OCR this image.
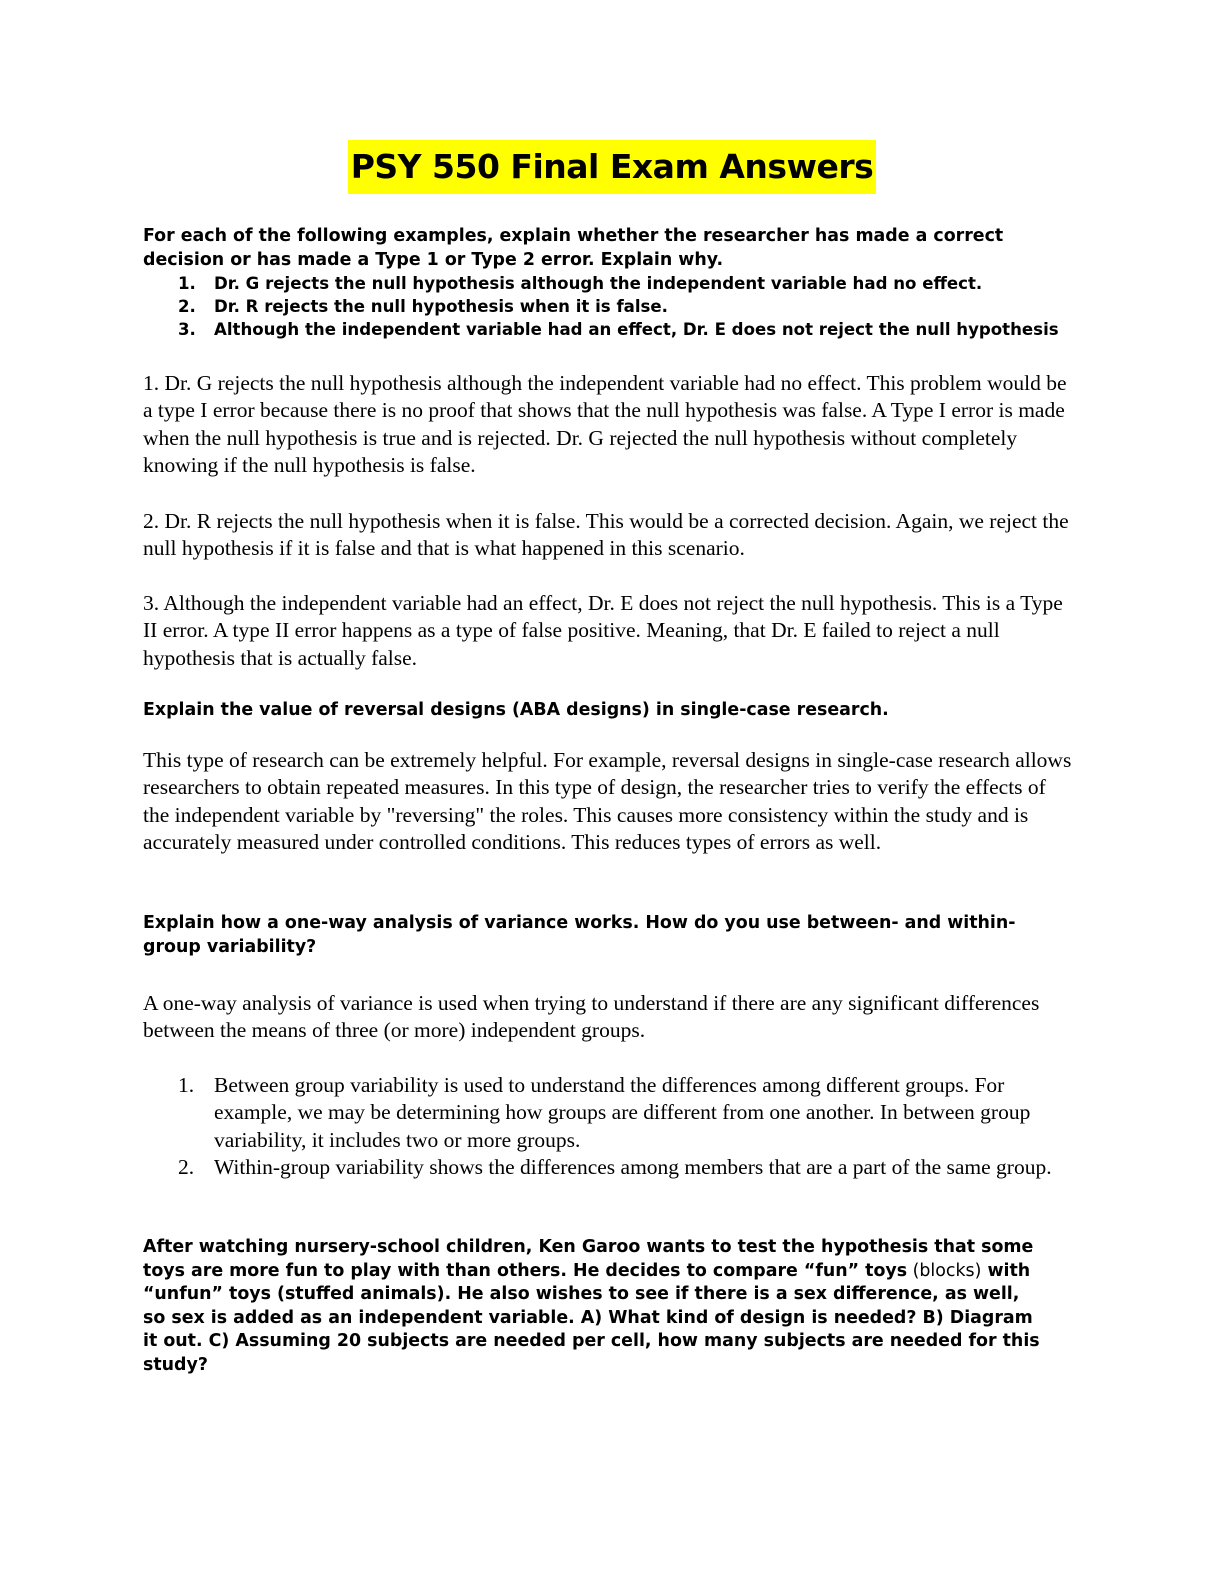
PSY 550 Final Exam Answers

For each of the following examples, explain whether the researcher has made a correct decision or has made a Type 1 or Type 2 error. Explain why.

1. Dr. G rejects the null hypothesis although the independent variable had no effect.
2. Dr. R rejects the null hypothesis when it is false.
3. Although the independent variable had an effect, Dr. E does not reject the null hypothesis

1. Dr. G rejects the null hypothesis although the independent variable had no effect. This problem would be a type I error because there is no proof that shows that the null hypothesis was false. A Type I error is made when the null hypothesis is true and is rejected. Dr. G rejected the null hypothesis without completely knowing if the null hypothesis is false.

2. Dr. R rejects the null hypothesis when it is false. This would be a corrected decision. Again, we reject the null hypothesis if it is false and that is what happened in this scenario.

3. Although the independent variable had an effect, Dr. E does not reject the null hypothesis. This is a Type II error. A type II error happens as a type of false positive. Meaning, that Dr. E failed to reject a null hypothesis that is actually false.

Explain the value of reversal designs (ABA designs) in single-case research.

This type of research can be extremely helpful. For example, reversal designs in single-case research allows researchers to obtain repeated measures. In this type of design, the researcher tries to verify the effects of the independent variable by "reversing" the roles. This causes more consistency within the study and is accurately measured under controlled conditions. This reduces types of errors as well.

Explain how a one-way analysis of variance works. How do you use between- and within-group variability?

A one-way analysis of variance is used when trying to understand if there are any significant differences between the means of three (or more) independent groups.

1. Between group variability is used to understand the differences among different groups. For example, we may be determining how groups are different from one another. In between group variability, it includes two or more groups.
2. Within-group variability shows the differences among members that are a part of the same group.

After watching nursery-school children, Ken Garoo wants to test the hypothesis that some toys are more fun to play with than others. He decides to compare “fun” toys (blocks) with “unfun” toys (stuffed animals). He also wishes to see if there is a sex difference, as well, so sex is added as an independent variable. A) What kind of design is needed? B) Diagram it out. C) Assuming 20 subjects are needed per cell, how many subjects are needed for this study?
